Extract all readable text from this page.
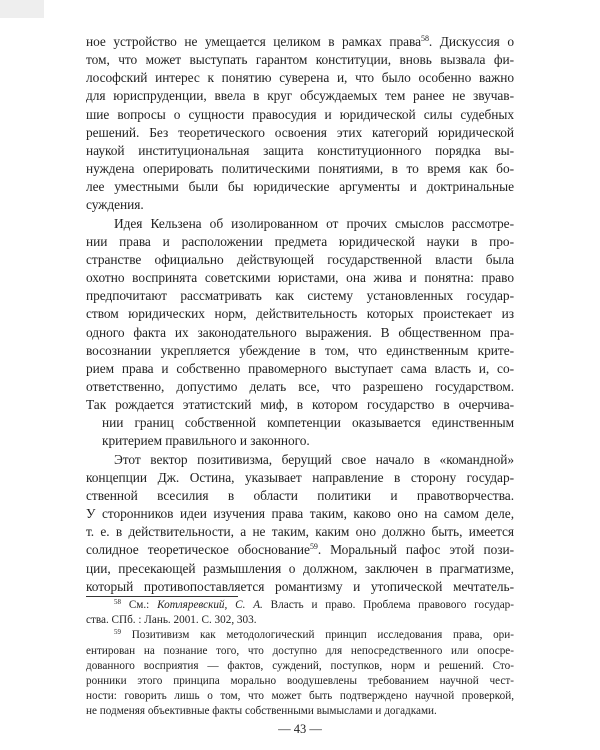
ное устройство не умещается целиком в рамках права$^{58}$. Дискуссия о
том, что может выступать гарантом конституции, вновь вызвала фи-
лософский интерес к понятию суверена и, что было особенно важно
для юриспруденции, ввела в круг обсуждаемых тем ранее не звучав-
шие вопросы о сущности правосудия и юридической силы судебных
решений. Без теоретического освоения этих категорий юридической
наукой институциональная защита конституционного порядка вы-
нуждена оперировать политическими понятиями, в то время как бо-
лее уместными были бы юридические аргументы и доктринальные
суждения.
Идея Кельзена об изолированном от прочих смыслов рассмотре-
нии права и расположении предмета юридической науки в про-
странстве официально действующей государственной власти была
охотно воспринята советскими юристами, она жива и понятна: право
предпочитают рассматривать как систему установленных государ-
ством юридических норм, действительность которых проистекает из
одного факта их законодательного выражения. В общественном пра-
восознании укрепляется убеждение в том, что единственным крите-
рием права и собственно правомерного выступает сама власть и, со-
ответственно, допустимо делать все, что разрешено государством.
Так рождается этатистский миф, в котором государство в очерчива-
нии границ собственной компетенции оказывается единственным
критерием правильного и законного.
Этот вектор позитивизма, берущий свое начало в «командной»
концепции Дж. Остина, указывает направление в сторону государ-
ственной всесилия в области политики и правотворчества.
У сторонников идеи изучения права таким, каково оно на самом деле,
т. е. в действительности, а не таким, каким оно должно быть, имеется
солидное теоретическое обоснование$^{59}$. Моральный пафос этой пози-
ции, пресекающей размышления о должном, заключен в прагматизме,
который противопоставляется романтизму и утопической мечтатель-
$^{58}$ См.: Котляревский, С. А. Власть и право. Проблема правового государ-
ства. СПб. : Лань. 2001. С. 302, 303.
$^{59}$ Позитивизм как методологический принцип исследования права, ори-
ентирован на познание того, что доступно для непосредственного или опосре-
дованного восприятия — фактов, суждений, поступков, норм и решений. Сто-
ронники этого принципа морально воодушевлены требованием научной чест-
ности: говорить лишь о том, что может быть подтверждено научной проверкой,
не подменяя объективные факты собственными вымыслами и догадками.
— 43 —
